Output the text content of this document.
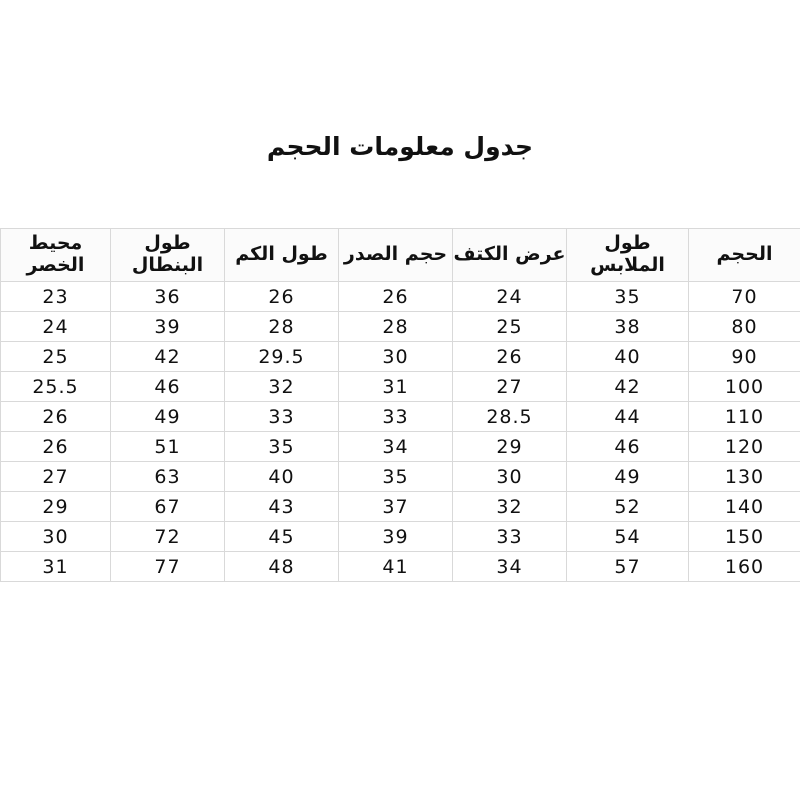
جدول معلومات الحجم
الحجم	طول الملابس	عرض الكتف	حجم الصدر	طول الكم	طول البنطال	محيط الخصر
70	35	24	26	26	36	23
80	38	25	28	28	39	24
90	40	26	30	29.5	42	25
100	42	27	31	32	46	25.5
110	44	28.5	33	33	49	26
120	46	29	34	35	51	26
130	49	30	35	40	63	27
140	52	32	37	43	67	29
150	54	33	39	45	72	30
160	57	34	41	48	77	31
